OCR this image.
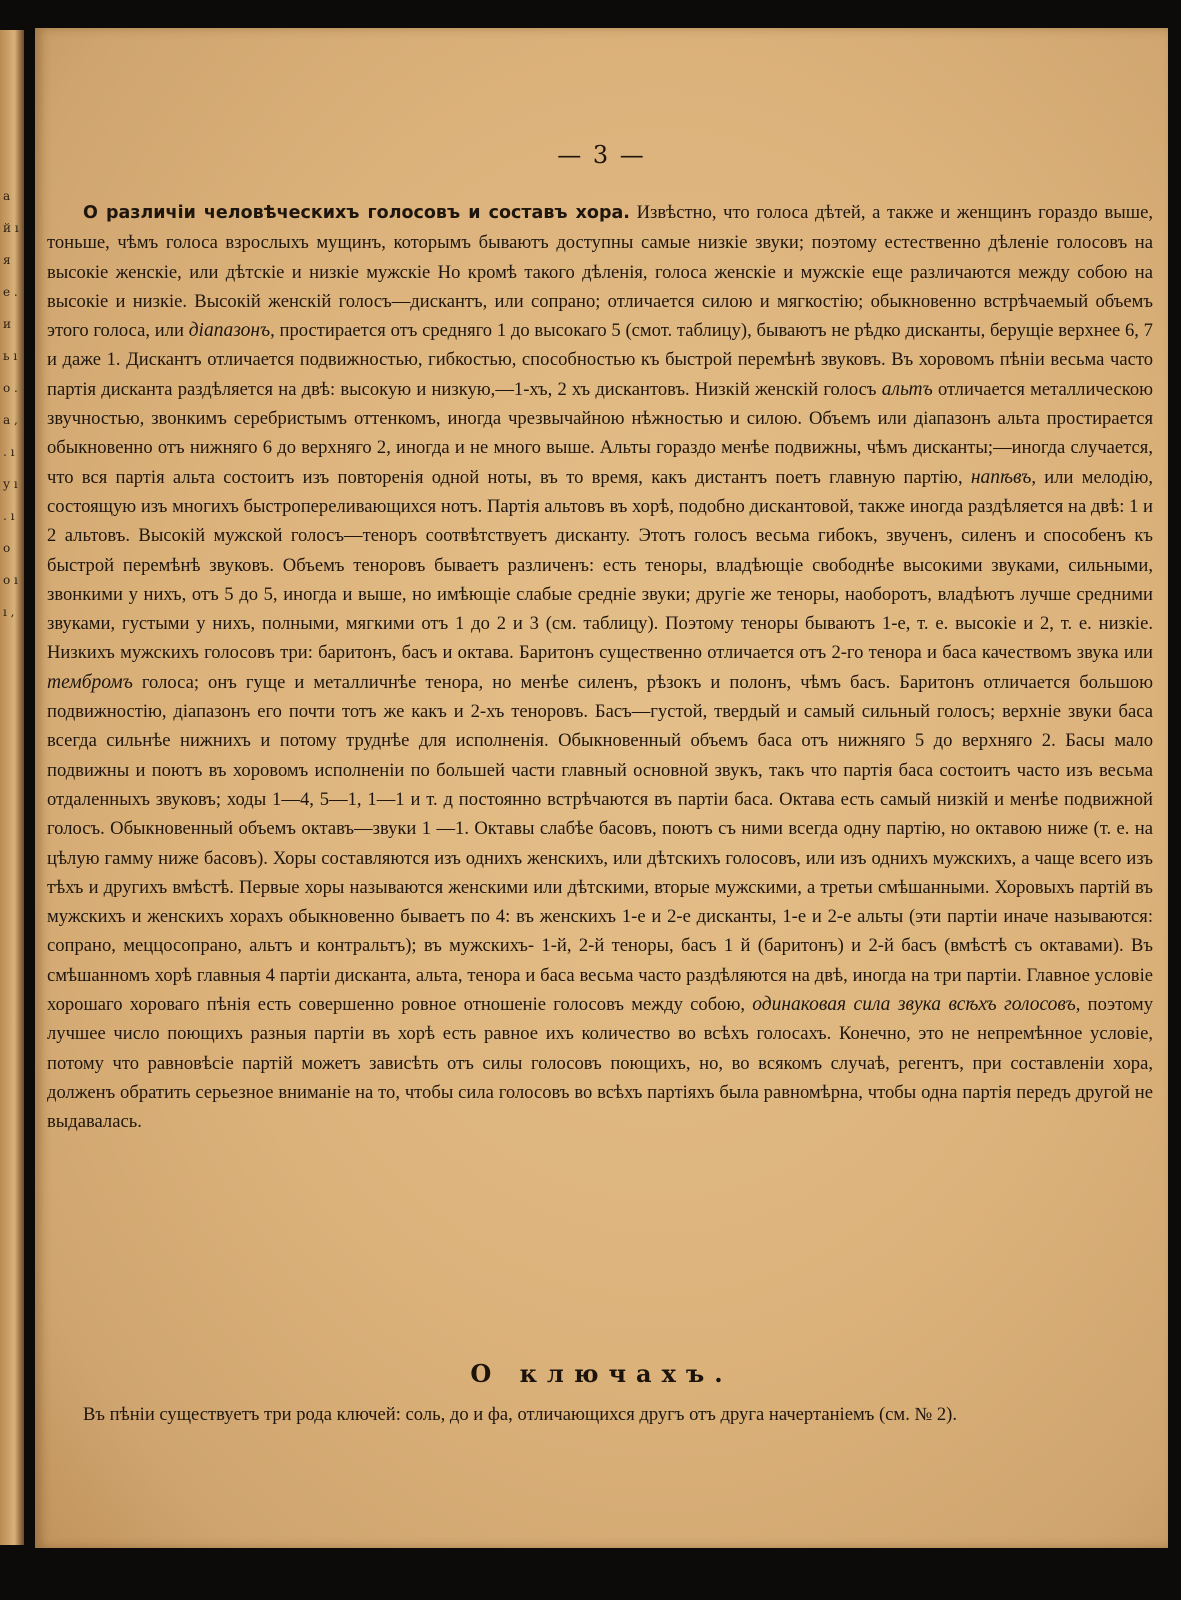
а й ı я е . и ь ı о . а , . ı у ı . ı о о ı ı ,
— 3 —

О различіи человѣческихъ голосовъ и составъ хора. Извѣстно, что голоса дѣтей, а также и женщинъ гораздо выше, тоньше, чѣмъ голоса взрослыхъ мущинъ, которымъ бываютъ доступны самые низкіе звуки; поэтому естественно дѣленіе голосовъ на высокіе женскіе, или дѣтскіе и низкіе мужскіе Но кромѣ такого дѣленія, голоса женскіе и мужскіе еще различаются между собою на высокіе и низкіе. Высокій женскій голосъ—дискантъ, или сопрано; отличается силою и мягкостію; обыкновенно встрѣчаемый объемъ этого голоса, или діапазонъ, простирается отъ средняго 1 до высокаго 5 (смот. таблицу), бываютъ не рѣдко дисканты, берущіе верхнее 6, 7 и даже 1. Дискантъ отличается подвижностью, гибкостью, способностью къ быстрой перемѣнѣ звуковъ. Въ хоровомъ пѣніи весьма часто партія дисканта раздѣляется на двѣ: высокую и низкую,—1-хъ, 2 хъ дискантовъ. Низкій женскій голосъ альтъ отличается металлическою звучностью, звонкимъ серебристымъ оттенкомъ, иногда чрезвычайною нѣжностью и силою. Объемъ или діапазонъ альта простирается обыкновенно отъ нижняго 6 до верхняго 2, иногда и не много выше. Альты гораздо менѣе подвижны, чѣмъ дисканты;—иногда случается, что вся партія альта состоитъ изъ повторенія одной ноты, въ то время, какъ дистантъ поетъ главную партію, напѣвъ, или мелодію, состоящую изъ многихъ быстропереливающихся нотъ. Партія альтовъ въ хорѣ, подобно дискантовой, также иногда раздѣляется на двѣ: 1 и 2 альтовъ. Высокій мужской голосъ—теноръ соотвѣтствуетъ дисканту. Этотъ голосъ весьма гибокъ, звученъ, силенъ и способенъ къ быстрой перемѣнѣ звуковъ. Объемъ теноровъ бываетъ различенъ: есть теноры, владѣющіе свободнѣе высокими звуками, сильными, звонкими у нихъ, отъ 5 до 5, иногда и выше, но имѣющіе слабые средніе звуки; другіе же теноры, наоборотъ, владѣютъ лучше средними звуками, густыми у нихъ, полными, мягкими отъ 1 до 2 и 3 (см. таблицу). Поэтому теноры бываютъ 1-е, т. е. высокіе и 2, т. е. низкіе. Низкихъ мужскихъ голосовъ три: баритонъ, басъ и октава. Баритонъ существенно отличается отъ 2-го тенора и баса качествомъ звука или тембромъ голоса; онъ гуще и металличнѣе тенора, но менѣе силенъ, рѣзокъ и полонъ, чѣмъ басъ. Баритонъ отличается большою подвижностію, діапазонъ его почти тотъ же какъ и 2-хъ теноровъ. Басъ—густой, твердый и самый сильный голосъ; верхніе звуки баса всегда сильнѣе нижнихъ и потому труднѣе для исполненія. Обыкновенный объемъ баса отъ нижняго 5 до верхняго 2. Басы мало подвижны и поютъ въ хоровомъ исполненіи по большей части главный основной звукъ, такъ что партія баса состоитъ часто изъ весьма отдаленныхъ звуковъ; ходы 1—4, 5—1, 1—1 и т. д постоянно встрѣчаются въ партіи баса. Октава есть самый низкій и менѣе подвижной голосъ. Обыкновенный объемъ октавъ—звуки 1 —1. Октавы слабѣе басовъ, поютъ съ ними всегда одну партію, но октавою ниже (т. е. на цѣлую гамму ниже басовъ). Хоры составляются изъ однихъ женскихъ, или дѣтскихъ голосовъ, или изъ однихъ мужскихъ, а чаще всего изъ тѣхъ и другихъ вмѣстѣ. Первые хоры называются женскими или дѣтскими, вторые мужскими, а третьи смѣшанными. Хоровыхъ партій въ мужскихъ и женскихъ хорахъ обыкновенно бываетъ по 4: въ женскихъ 1-е и 2-е дисканты, 1-е и 2-е альты (эти партіи иначе называются: сопрано, меццосопрано, альтъ и контральтъ); въ мужскихъ- 1-й, 2-й теноры, басъ 1 й (баритонъ) и 2-й басъ (вмѣстѣ съ октавами). Въ смѣшанномъ хорѣ главныя 4 партіи дисканта, альта, тенора и баса весьма часто раздѣляются на двѣ, иногда на три партіи. Главное условіе хорошаго хороваго пѣнія есть совершенно ровное отношеніе голосовъ между собою, одинаковая сила звука всѣхъ голосовъ, поэтому лучшее число поющихъ разныя партіи въ хорѣ есть равное ихъ количество во всѣхъ голосахъ. Конечно, это не непремѣнное условіе, потому что равновѣсіе партій можетъ зависѣть отъ силы голосовъ поющихъ, но, во всякомъ случаѣ, регентъ, при составленіи хора, долженъ обратить серьезное вниманіе на то, чтобы сила голосовъ во всѣхъ партіяхъ была равномѣрна, чтобы одна партія передъ другой не выдавалась.

О ключахъ.

Въ пѣніи существуетъ три рода ключей: соль, до и фа, отличающихся другъ отъ друга начертаніемъ (см. № 2).
